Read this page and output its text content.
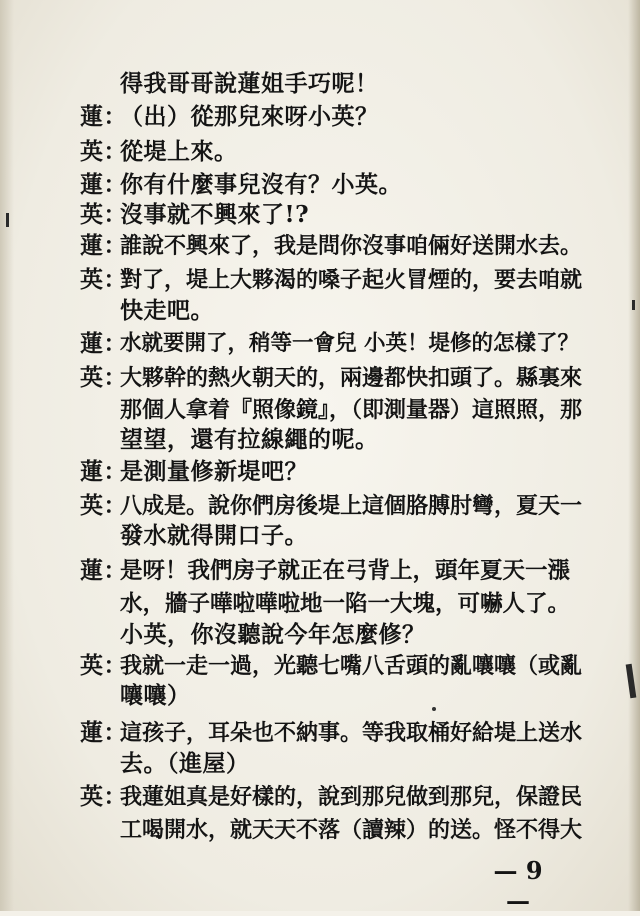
得我哥哥說蓮姐手巧呢！
蓮：
（出）從那兒來呀小英？
英：
從堤上來。
蓮：
你有什麼事兒沒有？小英。
英：
沒事就不興來了!?
蓮：
誰說不興來了，我是問你沒事咱倆好送開水去。
英：
對了，堤上大夥渴的嗓子起火冒煙的，要去咱就
快走吧。
蓮：
水就要開了，稍等一會兒 小英！堤修的怎樣了？
英：
大夥幹的熱火朝天的，兩邊都快扣頭了。縣裏來
那個人拿着『照像鏡』，（即測量器）這照照，那
望望，還有拉線繩的呢。
蓮：
是測量修新堤吧？
英：
八成是。說你們房後堤上這個胳膊肘彎，夏天一
發水就得開口子。
蓮：
是呀！我們房子就正在弓背上，頭年夏天一漲
水，牆子嘩啦嘩啦地一陷一大塊，可嚇人了。
小英，你沒聽說今年怎麼修？
英：
我就一走一過，光聽七嘴八舌頭的亂嚷嚷（或亂
嚷嚷）
蓮：
這孩子，耳朵也不納事。等我取桶好給堤上送水
去。（進屋）
英：
我蓮姐真是好樣的，說到那兒做到那兒，保證民
工喝開水，就天天不落（讀辣）的送。怪不得大
— 9 —
